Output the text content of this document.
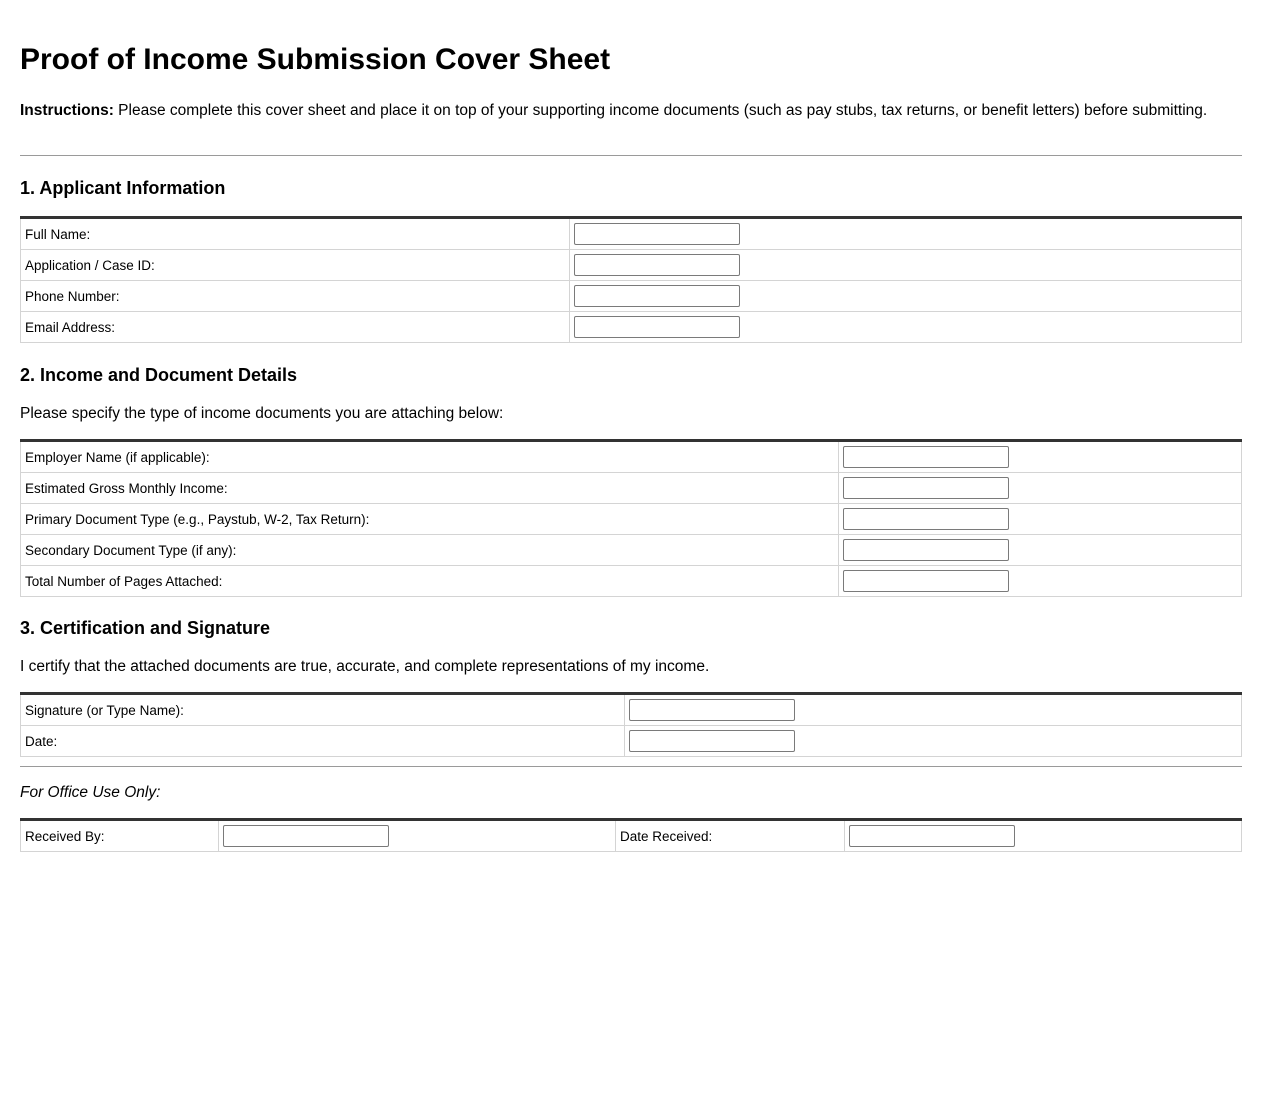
Proof of Income Submission Cover Sheet

Instructions: Please complete this cover sheet and place it on top of your supporting income documents (such as pay stubs, tax returns, or benefit letters) before submitting.

1. Applicant Information
Full Name:	

Application / Case ID:	

Phone Number:	

Email Address:	
2. Income and Document Details

Please specify the type of income documents you are attaching below:

Employer Name (if applicable):	

Estimated Gross Monthly Income:	

Primary Document Type (e.g., Paystub, W-2, Tax Return):	

Secondary Document Type (if any):	

Total Number of Pages Attached:	
3. Certification and Signature

I certify that the attached documents are true, accurate, and complete representations of my income.

Signature (or Type Name):	

Date:	

For Office Use Only:

Received By:		Date Received:	
